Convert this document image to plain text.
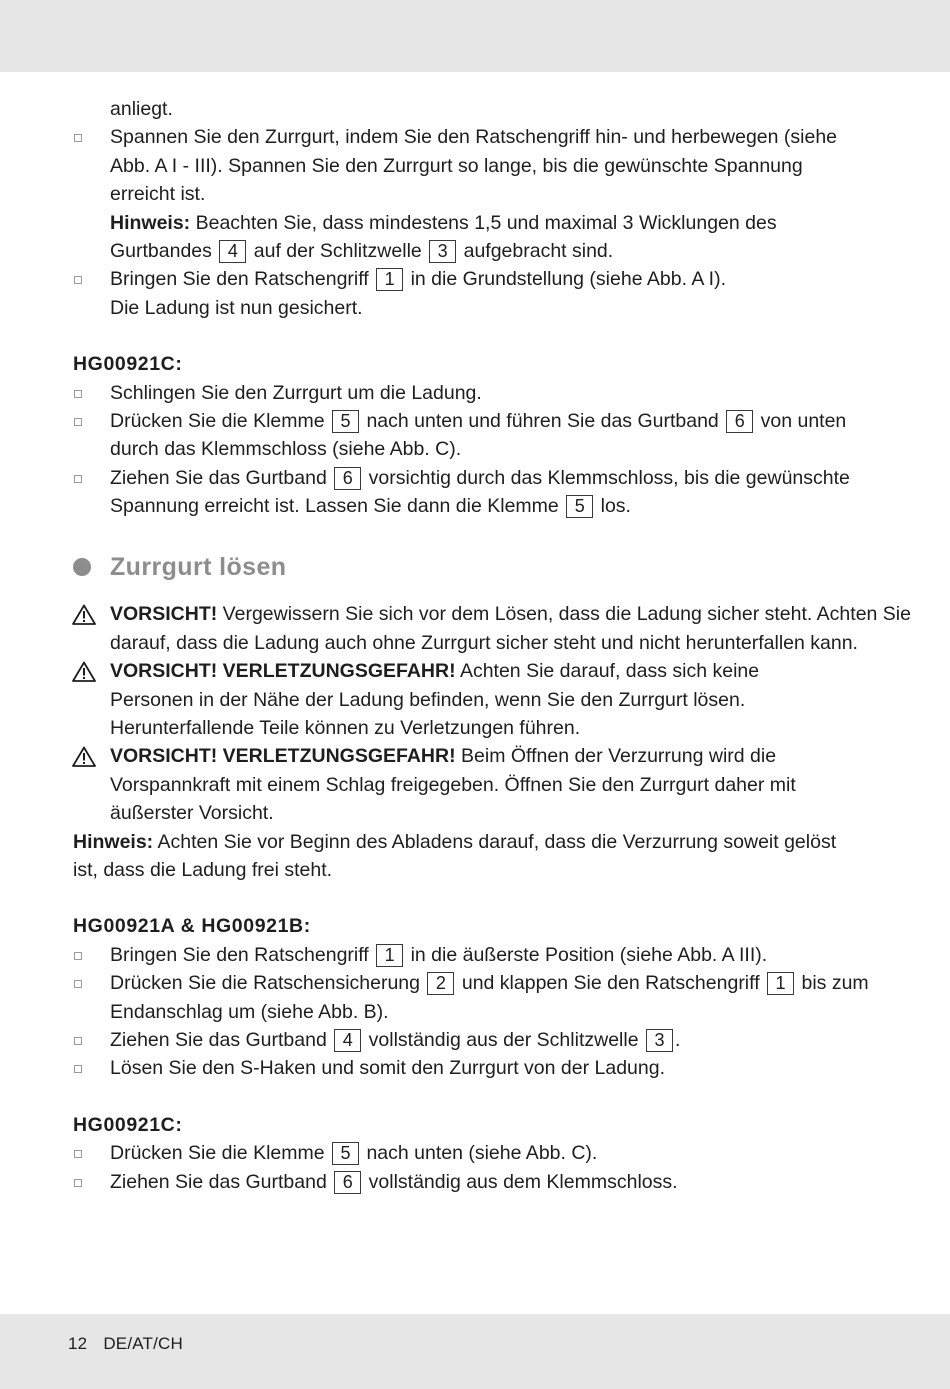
anliegt.
Spannen Sie den Zurrgurt, indem Sie den Ratschengriff hin- und herbewegen (siehe
Abb. A I - III). Spannen Sie den Zurrgurt so lange, bis die gewünschte Spannung
erreicht ist.
Hinweis: Beachten Sie, dass mindestens 1,5 und maximal 3 Wicklungen des
Gurtbandes 4 auf der Schlitzwelle 3 aufgebracht sind.
Bringen Sie den Ratschengriff 1 in die Grundstellung (siehe Abb. A I).
Die Ladung ist nun gesichert.
HG00921C:
Schlingen Sie den Zurrgurt um die Ladung.
Drücken Sie die Klemme 5 nach unten und führen Sie das Gurtband 6 von unten
durch das Klemmschloss (siehe Abb. C).
Ziehen Sie das Gurtband 6 vorsichtig durch das Klemmschloss, bis die gewünschte
Spannung erreicht ist. Lassen Sie dann die Klemme 5 los.
Zurrgurt lösen
VORSICHT! Vergewissern Sie sich vor dem Lösen, dass die Ladung sicher steht. Achten Sie
darauf, dass die Ladung auch ohne Zurrgurt sicher steht und nicht herunterfallen kann.
VORSICHT! VERLETZUNGSGEFAHR! Achten Sie darauf, dass sich keine
Personen in der Nähe der Ladung befinden, wenn Sie den Zurrgurt lösen.
Herunterfallende Teile können zu Verletzungen führen.
VORSICHT! VERLETZUNGSGEFAHR! Beim Öffnen der Verzurrung wird die
Vorspannkraft mit einem Schlag freigegeben. Öffnen Sie den Zurrgurt daher mit
äußerster Vorsicht.
Hinweis: Achten Sie vor Beginn des Abladens darauf, dass die Verzurrung soweit gelöst
ist, dass die Ladung frei steht.
HG00921A & HG00921B:
Bringen Sie den Ratschengriff 1 in die äußerste Position (siehe Abb. A III).
Drücken Sie die Ratschensicherung 2 und klappen Sie den Ratschengriff 1 bis zum
Endanschlag um (siehe Abb. B).
Ziehen Sie das Gurtband 4 vollständig aus der Schlitzwelle 3 .
Lösen Sie den S-Haken und somit den Zurrgurt von der Ladung.
HG00921C:
Drücken Sie die Klemme 5 nach unten (siehe Abb. C).
Ziehen Sie das Gurtband 6 vollständig aus dem Klemmschloss.
12 DE/AT/CH
